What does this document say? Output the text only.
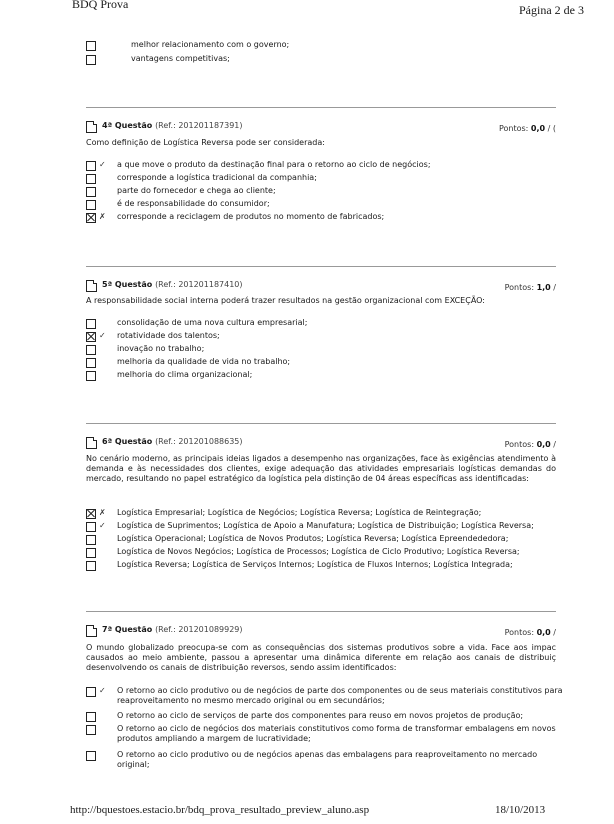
BDQ Prova	Página 2 de 3
melhor relacionamento com o governo;
vantagens competitivas;
4ª Questão (Ref.: 201201187391)	Pontos: 0,0 / (
Como definição de Logística Reversa pode ser considerada:
✓	a que move o produto da destinação final para o retorno ao ciclo de negócios;
corresponde a logística tradicional da companhia;
parte do fornecedor e chega ao cliente;
é de responsabilidade do consumidor;
✗	corresponde a reciclagem de produtos no momento de fabricados;
5ª Questão (Ref.: 201201187410)	Pontos: 1,0 /
A responsabilidade social interna poderá trazer resultados na gestão organizacional com EXCEÇÃO:
consolidação de uma nova cultura empresarial;
✓	rotatividade dos talentos;
inovação no trabalho;
melhoria da qualidade de vida no trabalho;
melhoria do clima organizacional;
6ª Questão (Ref.: 201201088635)	Pontos: 0,0 /
No cenário moderno, as principais ideias ligados a desempenho nas organizações, face às exigências atendimento à demanda e às necessidades dos clientes, exige adequação das atividades empresariais logísticas demandas do mercado, resultando no papel estratégico da logística pela distinção de 04 áreas específicas ass identificadas:
✗	Logística Empresarial; Logística de Negócios; Logística Reversa; Logística de Reintegração;
✓	Logística de Suprimentos; Logística de Apoio a Manufatura; Logística de Distribuição; Logística Reversa;
Logística Operacional; Logística de Novos Produtos; Logística Reversa; Logística Epreendededora;
Logística de Novos Negócios; Logística de Processos; Logística de Ciclo Produtivo; Logística Reversa;
Logística Reversa; Logística de Serviços Internos; Logística de Fluxos Internos; Logística Integrada;
7ª Questão (Ref.: 201201089929)	Pontos: 0,0 /
O mundo globalizado preocupa-se com as consequências dos sistemas produtivos sobre a vida. Face aos impac causados ao meio ambiente, passou a apresentar uma dinâmica diferente em relação aos canais de distribuiç desenvolvendo os canais de distribuição reversos, sendo assim identificados:
✓	O retorno ao ciclo produtivo ou de negócios de parte dos componentes ou de seus materiais constitutivos para reaproveitamento no mesmo mercado original ou em secundários;
O retorno ao ciclo de serviços de parte dos componentes para reuso em novos projetos de produção;
O retorno ao ciclo de negócios dos materiais constitutivos como forma de transformar embalagens em novos produtos ampliando a margem de lucratividade;
O retorno ao ciclo produtivo ou de negócios apenas das embalagens para reaproveitamento no mercado original;
http://bquestoes.estacio.br/bdq_prova_resultado_preview_aluno.asp	18/10/2013
